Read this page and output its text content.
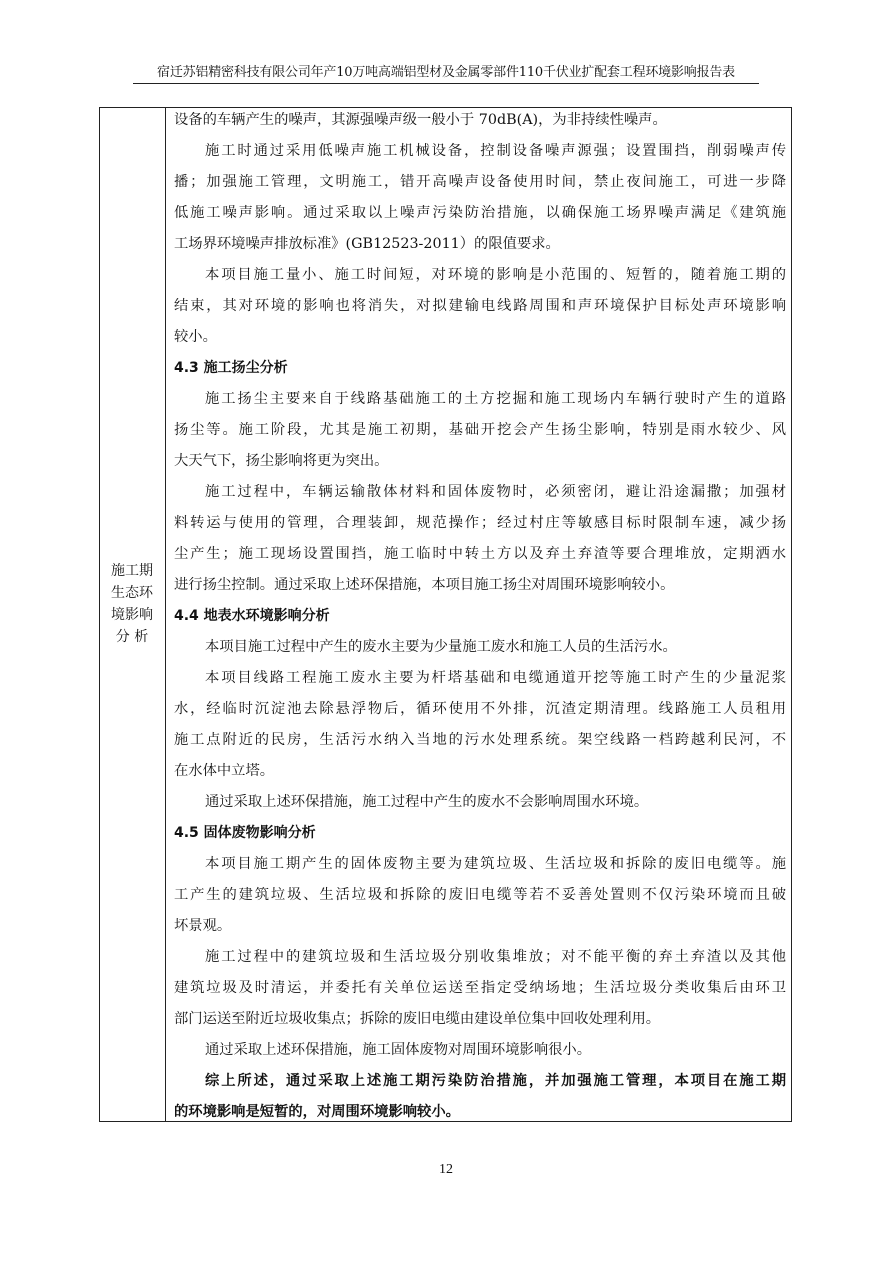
宿迁苏铝精密科技有限公司年产10万吨高端铝型材及金属零部件110千伏业扩配套工程环境影响报告表
施工期
生态环
境影响
分 析
设备的车辆产生的噪声，其源强噪声级一般小于 70dB(A)，为非持续性噪声。
施工时通过采用低噪声施工机械设备，控制设备噪声源强；设置围挡，削弱噪声传
播；加强施工管理，文明施工，错开高噪声设备使用时间，禁止夜间施工，可进一步降
低施工噪声影响。通过采取以上噪声污染防治措施，以确保施工场界噪声满足《建筑施
工场界环境噪声排放标准》(GB12523-2011）的限值要求。
本项目施工量小、施工时间短，对环境的影响是小范围的、短暂的，随着施工期的
结束，其对环境的影响也将消失，对拟建输电线路周围和声环境保护目标处声环境影响
较小。
4.3 施工扬尘分析
施工扬尘主要来自于线路基础施工的土方挖掘和施工现场内车辆行驶时产生的道路
扬尘等。施工阶段，尤其是施工初期，基础开挖会产生扬尘影响，特别是雨水较少、风
大天气下，扬尘影响将更为突出。
施工过程中，车辆运输散体材料和固体废物时，必须密闭，避让沿途漏撒；加强材
料转运与使用的管理，合理装卸，规范操作；经过村庄等敏感目标时限制车速，减少扬
尘产生；施工现场设置围挡，施工临时中转土方以及弃土弃渣等要合理堆放，定期洒水
进行扬尘控制。通过采取上述环保措施，本项目施工扬尘对周围环境影响较小。
4.4 地表水环境影响分析
本项目施工过程中产生的废水主要为少量施工废水和施工人员的生活污水。
本项目线路工程施工废水主要为杆塔基础和电缆通道开挖等施工时产生的少量泥浆
水，经临时沉淀池去除悬浮物后，循环使用不外排，沉渣定期清理。线路施工人员租用
施工点附近的民房，生活污水纳入当地的污水处理系统。架空线路一档跨越利民河，不
在水体中立塔。
通过采取上述环保措施，施工过程中产生的废水不会影响周围水环境。
4.5 固体废物影响分析
本项目施工期产生的固体废物主要为建筑垃圾、生活垃圾和拆除的废旧电缆等。施
工产生的建筑垃圾、生活垃圾和拆除的废旧电缆等若不妥善处置则不仅污染环境而且破
坏景观。
施工过程中的建筑垃圾和生活垃圾分别收集堆放；对不能平衡的弃土弃渣以及其他
建筑垃圾及时清运，并委托有关单位运送至指定受纳场地；生活垃圾分类收集后由环卫
部门运送至附近垃圾收集点；拆除的废旧电缆由建设单位集中回收处理利用。
通过采取上述环保措施，施工固体废物对周围环境影响很小。
综上所述，通过采取上述施工期污染防治措施，并加强施工管理，本项目在施工期
的环境影响是短暂的，对周围环境影响较小。
12
